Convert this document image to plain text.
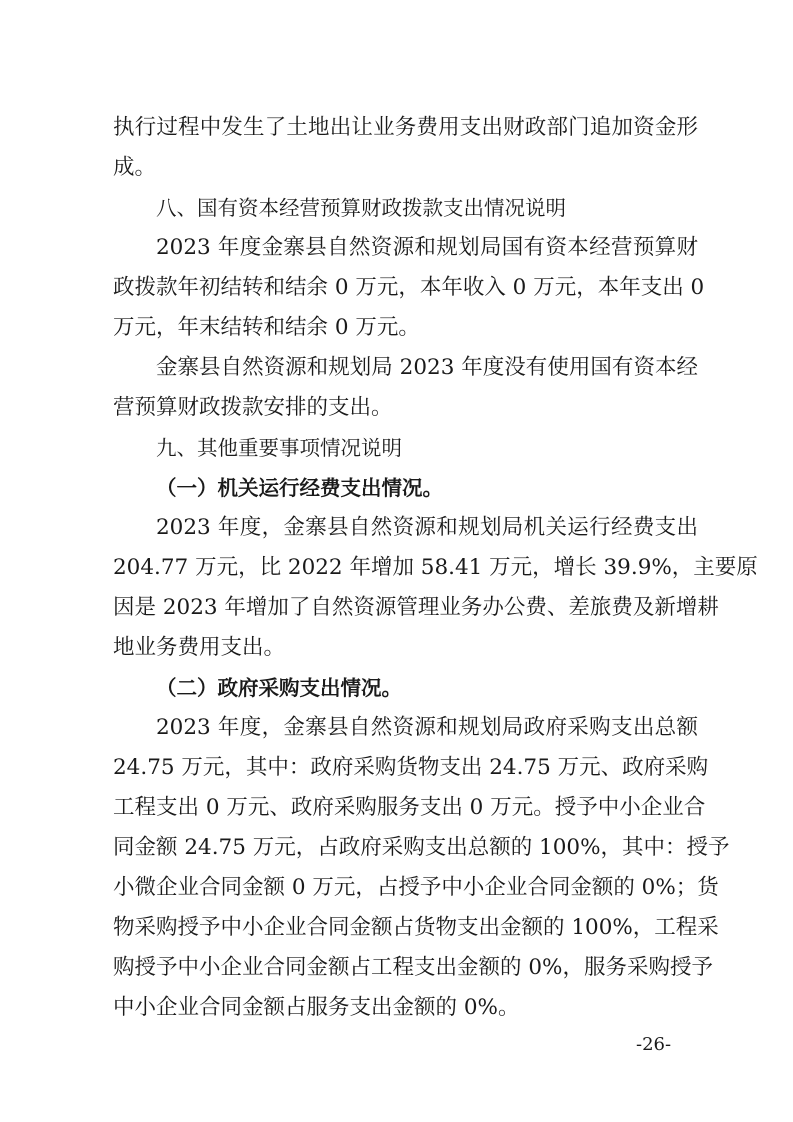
执行过程中发生了土地出让业务费用支出财政部门追加资金形
成。
八、国有资本经营预算财政拨款支出情况说明
2023 年度金寨县自然资源和规划局国有资本经营预算财
政拨款年初结转和结余 0 万元，本年收入 0 万元，本年支出 0
万元，年末结转和结余 0 万元。
金寨县自然资源和规划局 2023 年度没有使用国有资本经
营预算财政拨款安排的支出。
九、其他重要事项情况说明
（一）机关运行经费支出情况。
2023 年度，金寨县自然资源和规划局机关运行经费支出
204.77 万元，比 2022 年增加 58.41 万元，增长 39.9%，主要原
因是 2023 年增加了自然资源管理业务办公费、差旅费及新增耕
地业务费用支出。
（二）政府采购支出情况。
2023 年度，金寨县自然资源和规划局政府采购支出总额
24.75 万元，其中：政府采购货物支出 24.75 万元、政府采购
工程支出 0 万元、政府采购服务支出 0 万元。授予中小企业合
同金额 24.75 万元，占政府采购支出总额的 100%，其中：授予
小微企业合同金额 0 万元，占授予中小企业合同金额的 0%；货
物采购授予中小企业合同金额占货物支出金额的 100%，工程采
购授予中小企业合同金额占工程支出金额的 0%，服务采购授予
中小企业合同金额占服务支出金额的 0%。
-26-
